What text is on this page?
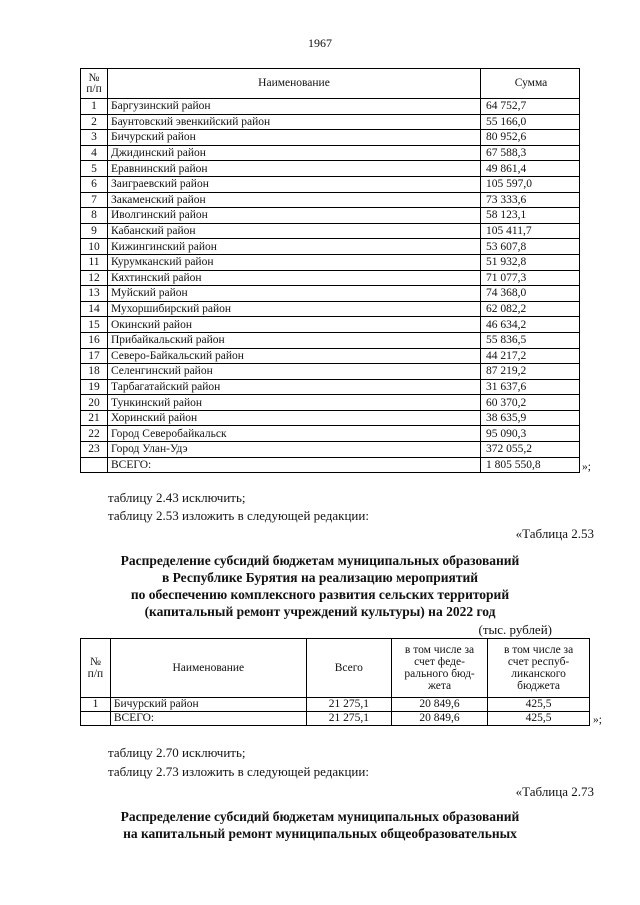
1967
№
п/п	Наименование	Сумма
1	Баргузинский район	64 752,7
2	Баунтовский эвенкийский район	55 166,0
3	Бичурский район	80 952,6
4	Джидинский район	67 588,3
5	Еравнинский район	49 861,4
6	Заиграевский район	105 597,0
7	Закаменский район	73 333,6
8	Иволгинский район	58 123,1
9	Кабанский район	105 411,7
10	Кижингинский район	53 607,8
11	Курумканский район	51 932,8
12	Кяхтинский район	71 077,3
13	Муйский район	74 368,0
14	Мухоршибирский район	62 082,2
15	Окинский район	46 634,2
16	Прибайкальский район	55 836,5
17	Северо-Байкальский район	44 217,2
18	Селенгинский район	87 219,2
19	Тарбагатайский район	31 637,6
20	Тункинский район	60 370,2
21	Хоринский район	38 635,9
22	Город Северобайкальск	95 090,3
23	Город Улан-Удэ	372 055,2
	ВСЕГО:	1 805 550,8	»;
таблицу 2.43 исключить;
таблицу 2.53 изложить в следующей редакции:
«Таблица 2.53
Распределение субсидий бюджетам муниципальных образований
в Республике Бурятия на реализацию мероприятий
по обеспечению комплексного развития сельских территорий
(капитальный ремонт учреждений культуры) на 2022 год
(тыс. рублей)
№
п/п	Наименование	Всего	в том числе за
счет феде-
рального бюд-
жета	в том числе за
счет респуб-
ликанского
бюджета
1	Бичурский район	21 275,1	20 849,6	425,5
	ВСЕГО:	21 275,1	20 849,6	425,5	»;
таблицу 2.70 исключить;
таблицу 2.73 изложить в следующей редакции:
«Таблица 2.73
Распределение субсидий бюджетам муниципальных образований
на капитальный ремонт муниципальных общеобразовательных
